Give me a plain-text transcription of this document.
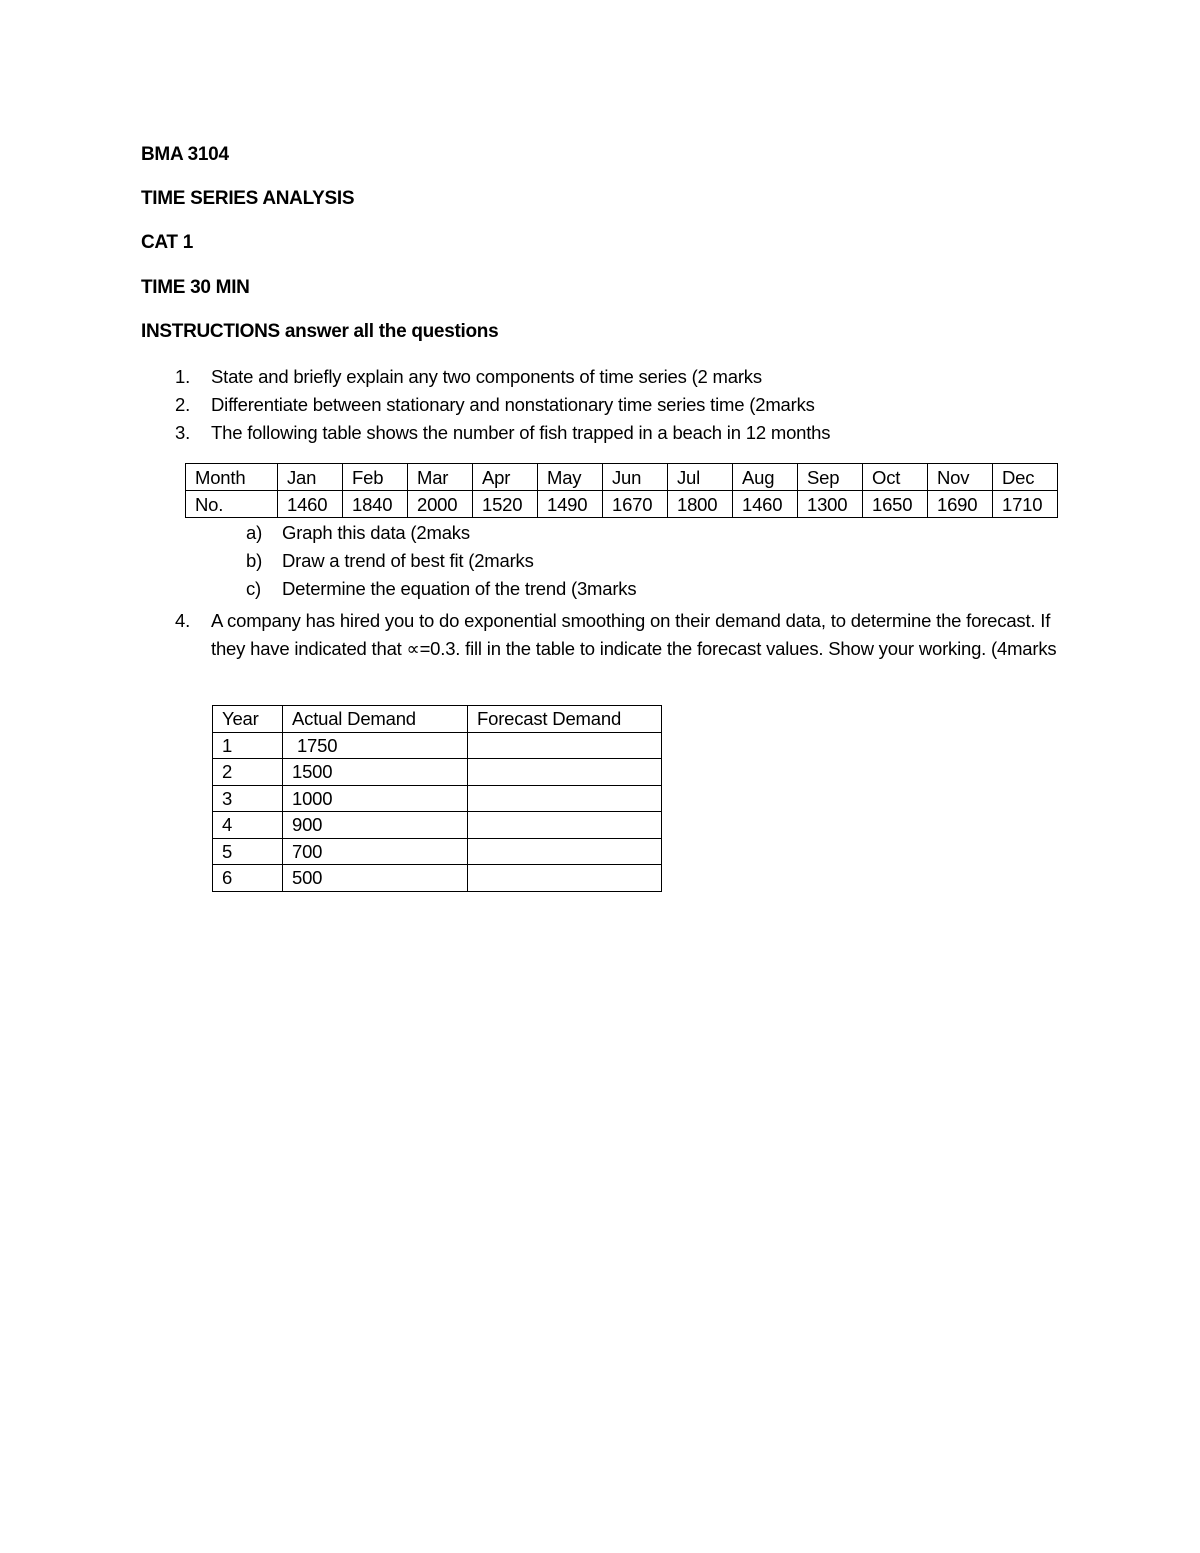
BMA 3104
TIME SERIES ANALYSIS
CAT 1
TIME 30 MIN
INSTRUCTIONS answer all the questions
1. State and briefly explain any two components of time series (2 marks
2. Differentiate between stationary and nonstationary time series time (2marks
3. The following table shows the number of fish trapped in a beach in 12 months
Month	Jan	Feb	Mar	Apr	May	Jun	Jul	Aug	Sep	Oct	Nov	Dec
No.	1460	1840	2000	1520	1490	1670	1800	1460	1300	1650	1690	1710
a) Graph this data (2maks
b) Draw a trend of best fit (2marks
c) Determine the equation of the trend (3marks
4. A company has hired you to do exponential smoothing on their demand data, to determine the forecast. If they have indicated that ∝=0.3. fill in the table to indicate the forecast values. Show your working. (4marks
Year	Actual Demand	Forecast Demand
1	1750	
2	1500	
3	1000	
4	900	
5	700	
6	500	
